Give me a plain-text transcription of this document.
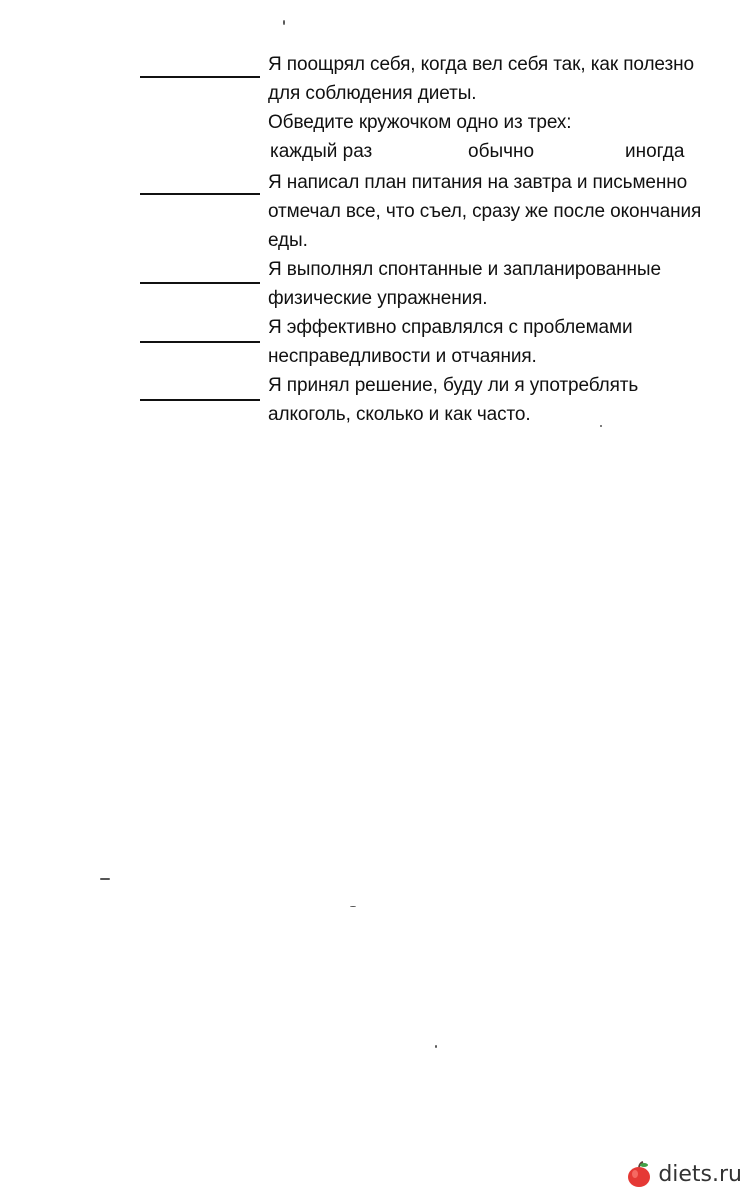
Я поощрял себя, когда вел себя так, как полезно
для соблюдения диеты.
Обведите кружочком одно из трех:
каждый раз	обычно	иногда
Я написал план питания на завтра и письменно
отмечал все, что съел, сразу же после окончания
еды.
Я выполнял спонтанные и запланированные
физические упражнения.
Я эффективно справлялся с проблемами
несправедливости и отчаяния.
Я принял решение, буду ли я употреблять
алкоголь, сколько и как часто.
diets.ru
